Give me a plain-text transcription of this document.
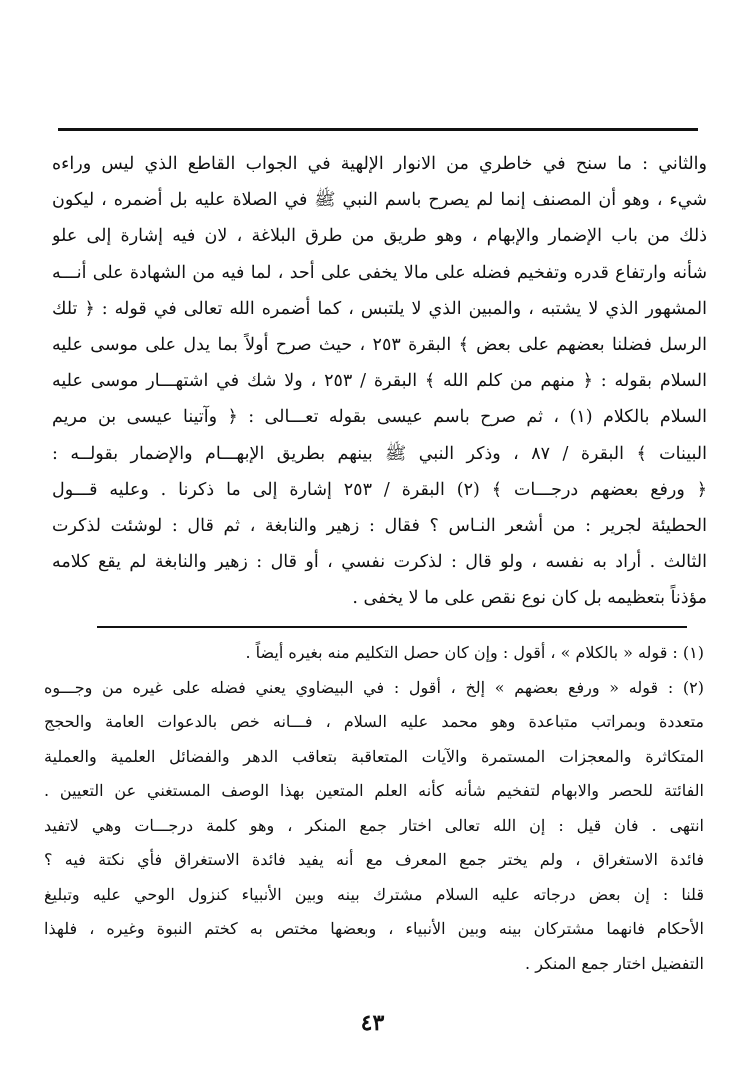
والثاني : ما سنح في خاطري من الانوار الإلهية في الجواب القاطع الذي ليس وراءه
شيء ، وهو أن المصنف إنما لم يصرح باسم النبي ﷺ في الصلاة عليه بل أضمره ، ليكون
ذلك من باب الإضمار والإبهام ، وهو طريق من طرق البلاغة ، لان فيه إشارة إلى علو
شأنه وارتفاع قدره وتفخيم فضله على مالا يخفى على أحد ، لما فيه من الشهادة على أنـــه
المشهور الذي لا يشتبه ، والمبين الذي لا يلتبس ، كما أضمره الله تعالى في قوله : ﴿ تلك
الرسل فضلنا بعضهم على بعض ﴾ البقرة ٢٥٣ ، حيث صرح أولاً بما يدل على موسى عليه
السلام بقوله : ﴿ منهم من كلم الله ﴾ البقرة / ٢٥٣ ، ولا شك في اشتهـــار موسى عليه
السلام بالكلام (١) ، ثم صرح باسم عيسى بقوله تعـــالى : ﴿ وآتينا عيسى بن مريم
البينات ﴾ البقرة / ٨٧ ، وذكر النبي ﷺ بينهم بطريق الإبهـــام والإضمار بقولــه :
﴿ ورفع بعضهم درجـــات ﴾ (٢) البقرة / ٢٥٣ إشارة إلى ما ذكرنا . وعليه قـــول
الحطيئة لجرير : من أشعر النـاس ؟ فقال : زهير والنابغة ، ثم قال : لوشئت لذكرت
الثالث . أراد به نفسه ، ولو قال : لذكرت نفسي ، أو قال : زهير والنابغة لم يقع كلامه
مؤذناً بتعظيمه بل كان نوع نقص على ما لا يخفى .
(١) : قوله « بالكلام » ، أقول : وإن كان حصل التكليم منه بغيره أيضاً .
(٢) : قوله « ورفع بعضهم » إلخ ، أقول : في البيضاوي يعني فضله على غيره من وجـــوه
متعددة وبمراتب متباعدة وهو محمد عليه السلام ، فـــانه خص بالدعوات العامة والحجج
المتكاثرة والمعجزات المستمرة والآيات المتعاقبة بتعاقب الدهر والفضائل العلمية والعملية
الفائتة للحصر والابهام لتفخيم شأنه كأنه العلم المتعين بهذا الوصف المستغني عن التعيين .
انتهى . فان قيل : إن الله تعالى اختار جمع المنكر ، وهو كلمة درجـــات وهي لاتفيد
فائدة الاستغراق ، ولم يختر جمع المعرف مع أنه يفيد فائدة الاستغراق فأي نكتة فيه ؟
قلنا : إن بعض درجاته عليه السلام مشترك بينه وبين الأنبياء كنزول الوحي عليه وتبليغ
الأحكام فانهما مشتركان بينه وبين الأنبياء ، وبعضها مختص به كختم النبوة وغيره ، فلهذا
التفضيل اختار جمع المنكر .
٤٣
